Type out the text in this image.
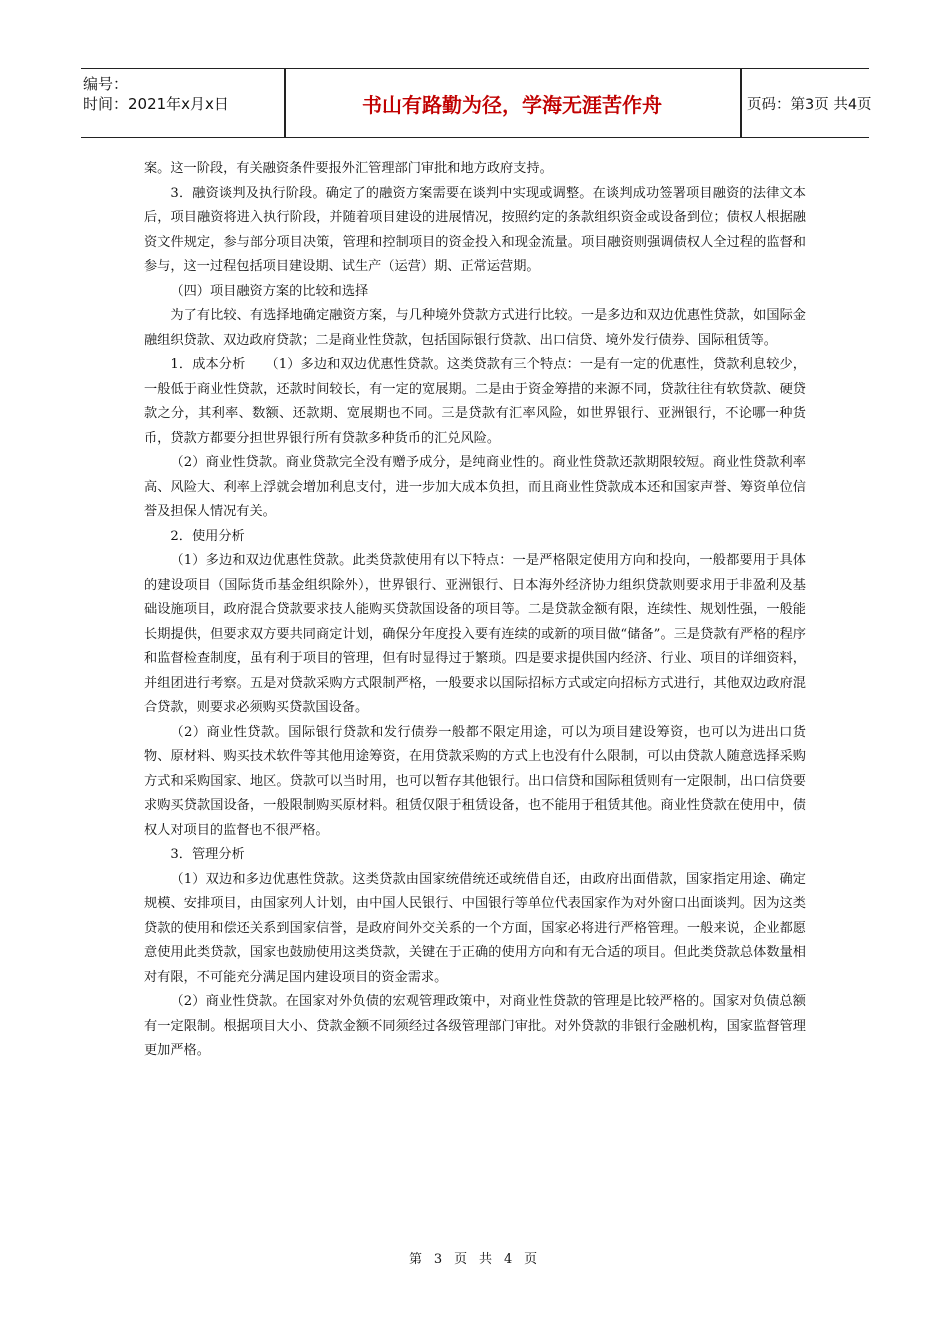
编号：
时间：2021年x月x日	书山有路勤为径，学海无涯苦作舟	页码：第3页 共4页

案。这一阶段，有关融资条件要报外汇管理部门审批和地方政府支持。

3．融资谈判及执行阶段。确定了的融资方案需要在谈判中实现或调整。在谈判成功签署项目融资的法律文本后，项目融资将进入执行阶段，并随着项目建设的进展情况，按照约定的条款组织资金或设备到位；债权人根据融资文件规定，参与部分项目决策，管理和控制项目的资金投入和现金流量。项目融资则强调债权人全过程的监督和参与，这一过程包括项目建设期、试生产（运营）期、正常运营期。

（四）项目融资方案的比较和选择

为了有比较、有选择地确定融资方案，与几种境外贷款方式进行比较。一是多边和双边优惠性贷款，如国际金融组织贷款、双边政府贷款；二是商业性贷款，包括国际银行贷款、出口信贷、境外发行债券、国际租赁等。

1．成本分析　　（1）多边和双边优惠性贷款。这类贷款有三个特点：一是有一定的优惠性，贷款利息较少，一般低于商业性贷款，还款时间较长，有一定的宽展期。二是由于资金筹措的来源不同，贷款往往有软贷款、硬贷款之分，其利率、数额、还款期、宽展期也不同。三是贷款有汇率风险，如世界银行、亚洲银行，不论哪一种货币，贷款方都要分担世界银行所有贷款多种货币的汇兑风险。

（2）商业性贷款。商业贷款完全没有赠予成分，是纯商业性的。商业性贷款还款期限较短。商业性贷款利率高、风险大、利率上浮就会增加利息支付，进一步加大成本负担，而且商业性贷款成本还和国家声誉、筹资单位信誉及担保人情况有关。

2．使用分析

（1）多边和双边优惠性贷款。此类贷款使用有以下特点：一是严格限定使用方向和投向，一般都要用于具体的建设项目（国际货币基金组织除外），世界银行、亚洲银行、日本海外经济协力组织贷款则要求用于非盈利及基础设施项目，政府混合贷款要求技人能购买贷款国设备的项目等。二是贷款金额有限，连续性、规划性强，一般能长期提供，但要求双方要共同商定计划，确保分年度投入要有连续的或新的项目做“储备”。三是贷款有严格的程序和监督检查制度，虽有利于项目的管理，但有时显得过于繁琐。四是要求提供国内经济、行业、项目的详细资料，并组团进行考察。五是对贷款采购方式限制严格，一般要求以国际招标方式或定向招标方式进行，其他双边政府混合贷款，则要求必须购买贷款国设备。

（2）商业性贷款。国际银行贷款和发行债券一般都不限定用途，可以为项目建设筹资，也可以为进出口货物、原材料、购买技术软件等其他用途筹资，在用贷款采购的方式上也没有什么限制，可以由贷款人随意选择采购方式和采购国家、地区。贷款可以当时用，也可以暂存其他银行。出口信贷和国际租赁则有一定限制，出口信贷要求购买贷款国设备，一般限制购买原材料。租赁仅限于租赁设备，也不能用于租赁其他。商业性贷款在使用中，债权人对项目的监督也不很严格。

3．管理分析

（1）双边和多边优惠性贷款。这类贷款由国家统借统还或统借自还，由政府出面借款，国家指定用途、确定规模、安排项目，由国家列人计划，由中国人民银行、中国银行等单位代表国家作为对外窗口出面谈判。因为这类贷款的使用和偿还关系到国家信誉，是政府间外交关系的一个方面，国家必将进行严格管理。一般来说，企业都愿意使用此类贷款，国家也鼓励使用这类贷款，关键在于正确的使用方向和有无合适的项目。但此类贷款总体数量相对有限，不可能充分满足国内建设项目的资金需求。

（2）商业性贷款。在国家对外负债的宏观管理政策中，对商业性贷款的管理是比较严格的。国家对负债总额有一定限制。根据项目大小、贷款金额不同须经过各级管理部门审批。对外贷款的非银行金融机构，国家监督管理更加严格。

第 3 页 共 4 页
